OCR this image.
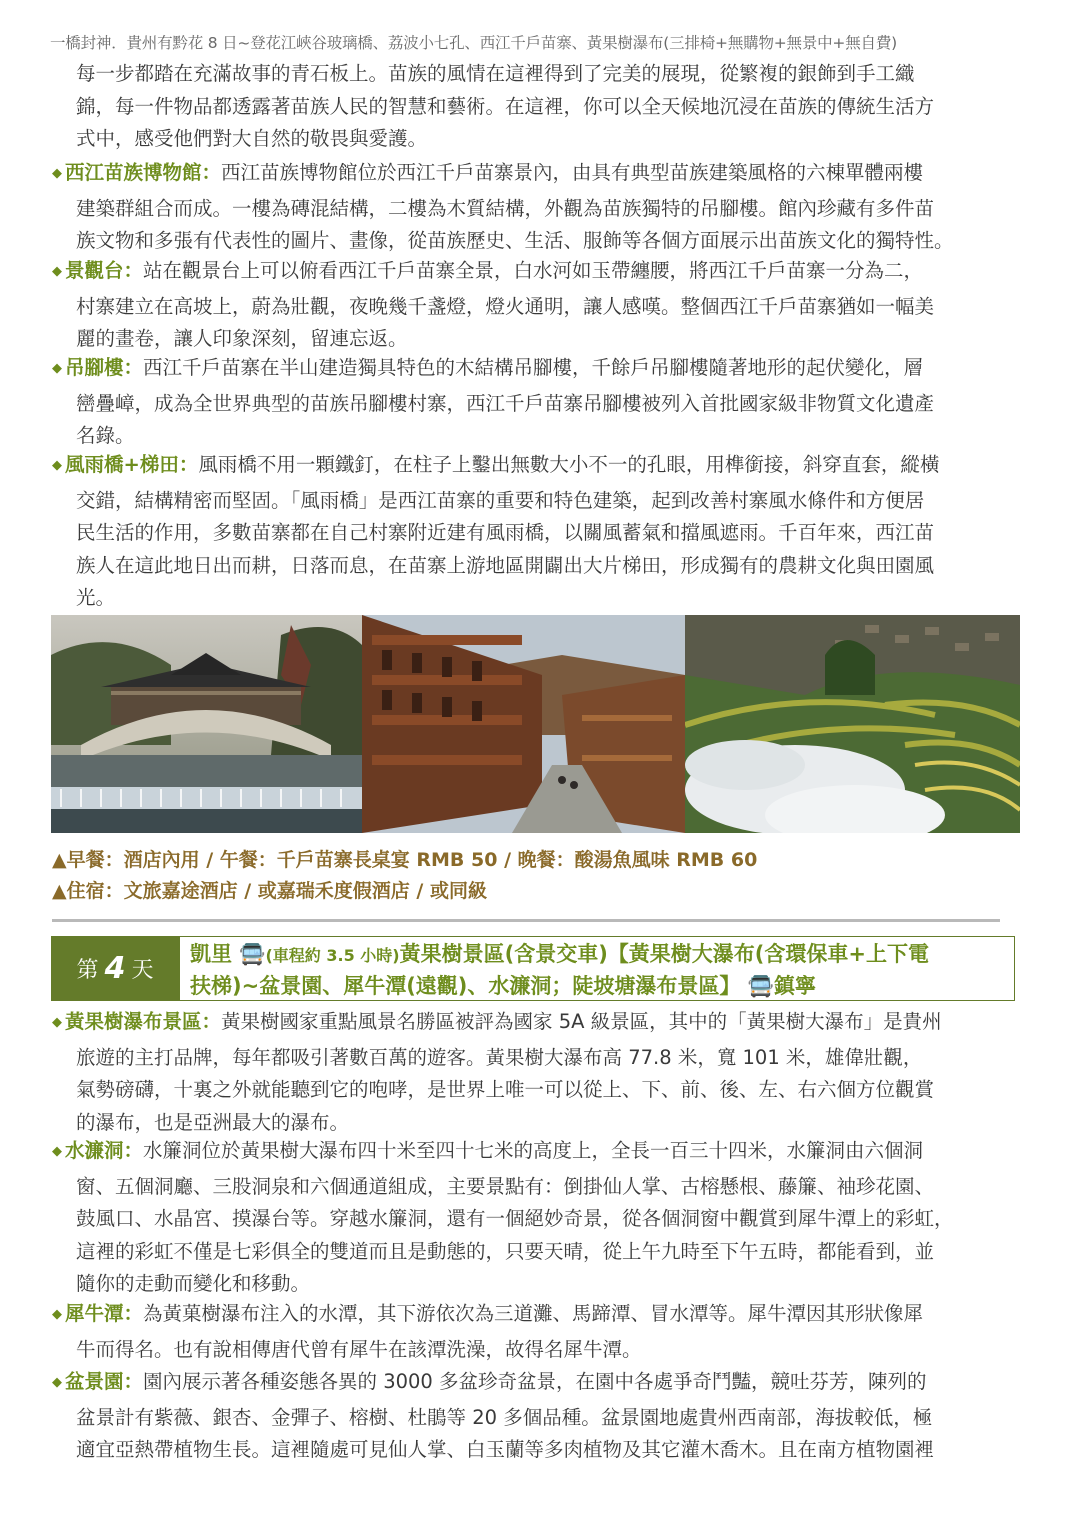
一橋封神．貴州有黔花 8 日~登花江峽谷玻璃橋、荔波小七孔、西江千戶苗寨、黃果樹瀑布(三排椅+無購物+無景中+無自費)
每一步都踏在充滿故事的青石板上。苗族的風情在這裡得到了完美的展現，從繁複的銀飾到手工織
錦，每一件物品都透露著苗族人民的智慧和藝術。在這裡，你可以全天候地沉浸在苗族的傳統生活方
式中，感受他們對大自然的敬畏與愛護。
◆ 西江苗族博物館：西江苗族博物館位於西江千戶苗寨景內，由具有典型苗族建築風格的六棟單體兩樓
建築群組合而成。一樓為磚混結構，二樓為木質結構，外觀為苗族獨特的吊腳樓。館內珍藏有多件苗
族文物和多張有代表性的圖片、畫像，從苗族歷史、生活、服飾等各個方面展示出苗族文化的獨特性。
◆ 景觀台：站在觀景台上可以俯看西江千戶苗寨全景，白水河如玉帶纏腰，將西江千戶苗寨一分為二，
村寨建立在高坡上，蔚為壯觀，夜晚幾千盞燈，燈火通明，讓人感嘆。整個西江千戶苗寨猶如一幅美
麗的畫卷，讓人印象深刻，留連忘返。
◆ 吊腳樓：西江千戶苗寨在半山建造獨具特色的木結構吊腳樓，千餘戶吊腳樓隨著地形的起伏變化，層
巒疊嶂，成為全世界典型的苗族吊腳樓村寨，西江千戶苗寨吊腳樓被列入首批國家級非物質文化遺產
名錄。
◆ 風雨橋+梯田：風雨橋不用一顆鐵釘，在柱子上鑿出無數大小不一的孔眼，用榫銜接，斜穿直套，縱橫
交錯，結構精密而堅固。「風雨橋」是西江苗寨的重要和特色建築，起到改善村寨風水條件和方便居
民生活的作用，多數苗寨都在自己村寨附近建有風雨橋，以關風蓄氣和擋風遮雨。千百年來，西江苗
族人在這此地日出而耕，日落而息，在苗寨上游地區開闢出大片梯田，形成獨有的農耕文化與田園風
光。
▲早餐：酒店內用 / 午餐：千戶苗寨長桌宴 RMB 50 / 晚餐：酸湯魚風味 RMB 60
▲住宿：文旅嘉途酒店 / 或嘉瑞禾度假酒店 / 或同級
第 4 天
凱里 🚍(車程約 3.5 小時)黃果樹景區(含景交車)【黃果樹大瀑布(含環保車+上下電
扶梯)~盆景園、犀牛潭(遠觀)、水濂洞；陡坡塘瀑布景區】 🚍鎮寧
◆ 黃果樹瀑布景區：黃果樹國家重點風景名勝區被評為國家 5A 級景區，其中的「黃果樹大瀑布」是貴州
旅遊的主打品牌，每年都吸引著數百萬的遊客。黃果樹大瀑布高 77.8 米，寬 101 米，雄偉壯觀，
氣勢磅礴，十裏之外就能聽到它的咆哮，是世界上唯一可以從上、下、前、後、左、右六個方位觀賞
的瀑布，也是亞洲最大的瀑布。
◆ 水濂洞：水簾洞位於黃果樹大瀑布四十米至四十七米的高度上，全長一百三十四米，水簾洞由六個洞
窗、五個洞廳、三股洞泉和六個通道組成，主要景點有：倒掛仙人掌、古榕懸根、藤簾、袖珍花園、
鼓風口、水晶宮、摸瀑台等。穿越水簾洞，還有一個絕妙奇景，從各個洞窗中觀賞到犀牛潭上的彩虹，
這裡的彩虹不僅是七彩俱全的雙道而且是動態的，只要天晴，從上午九時至下午五時，都能看到，並
隨你的走動而變化和移動。
◆ 犀牛潭：為黃菓樹瀑布注入的水潭，其下游依次為三道灘、馬蹄潭、冒水潭等。犀牛潭因其形狀像犀
牛而得名。也有說相傳唐代曾有犀牛在該潭洗澡，故得名犀牛潭。
◆ 盆景園：園內展示著各種姿態各異的 3000 多盆珍奇盆景，在園中各處爭奇鬥豔，競吐芬芳，陳列的
盆景計有紫薇、銀杏、金彈子、榕樹、杜鵑等 20 多個品種。盆景園地處貴州西南部，海拔較低，極
適宜亞熱帶植物生長。這裡隨處可見仙人掌、白玉蘭等多肉植物及其它灌木喬木。且在南方植物園裡
